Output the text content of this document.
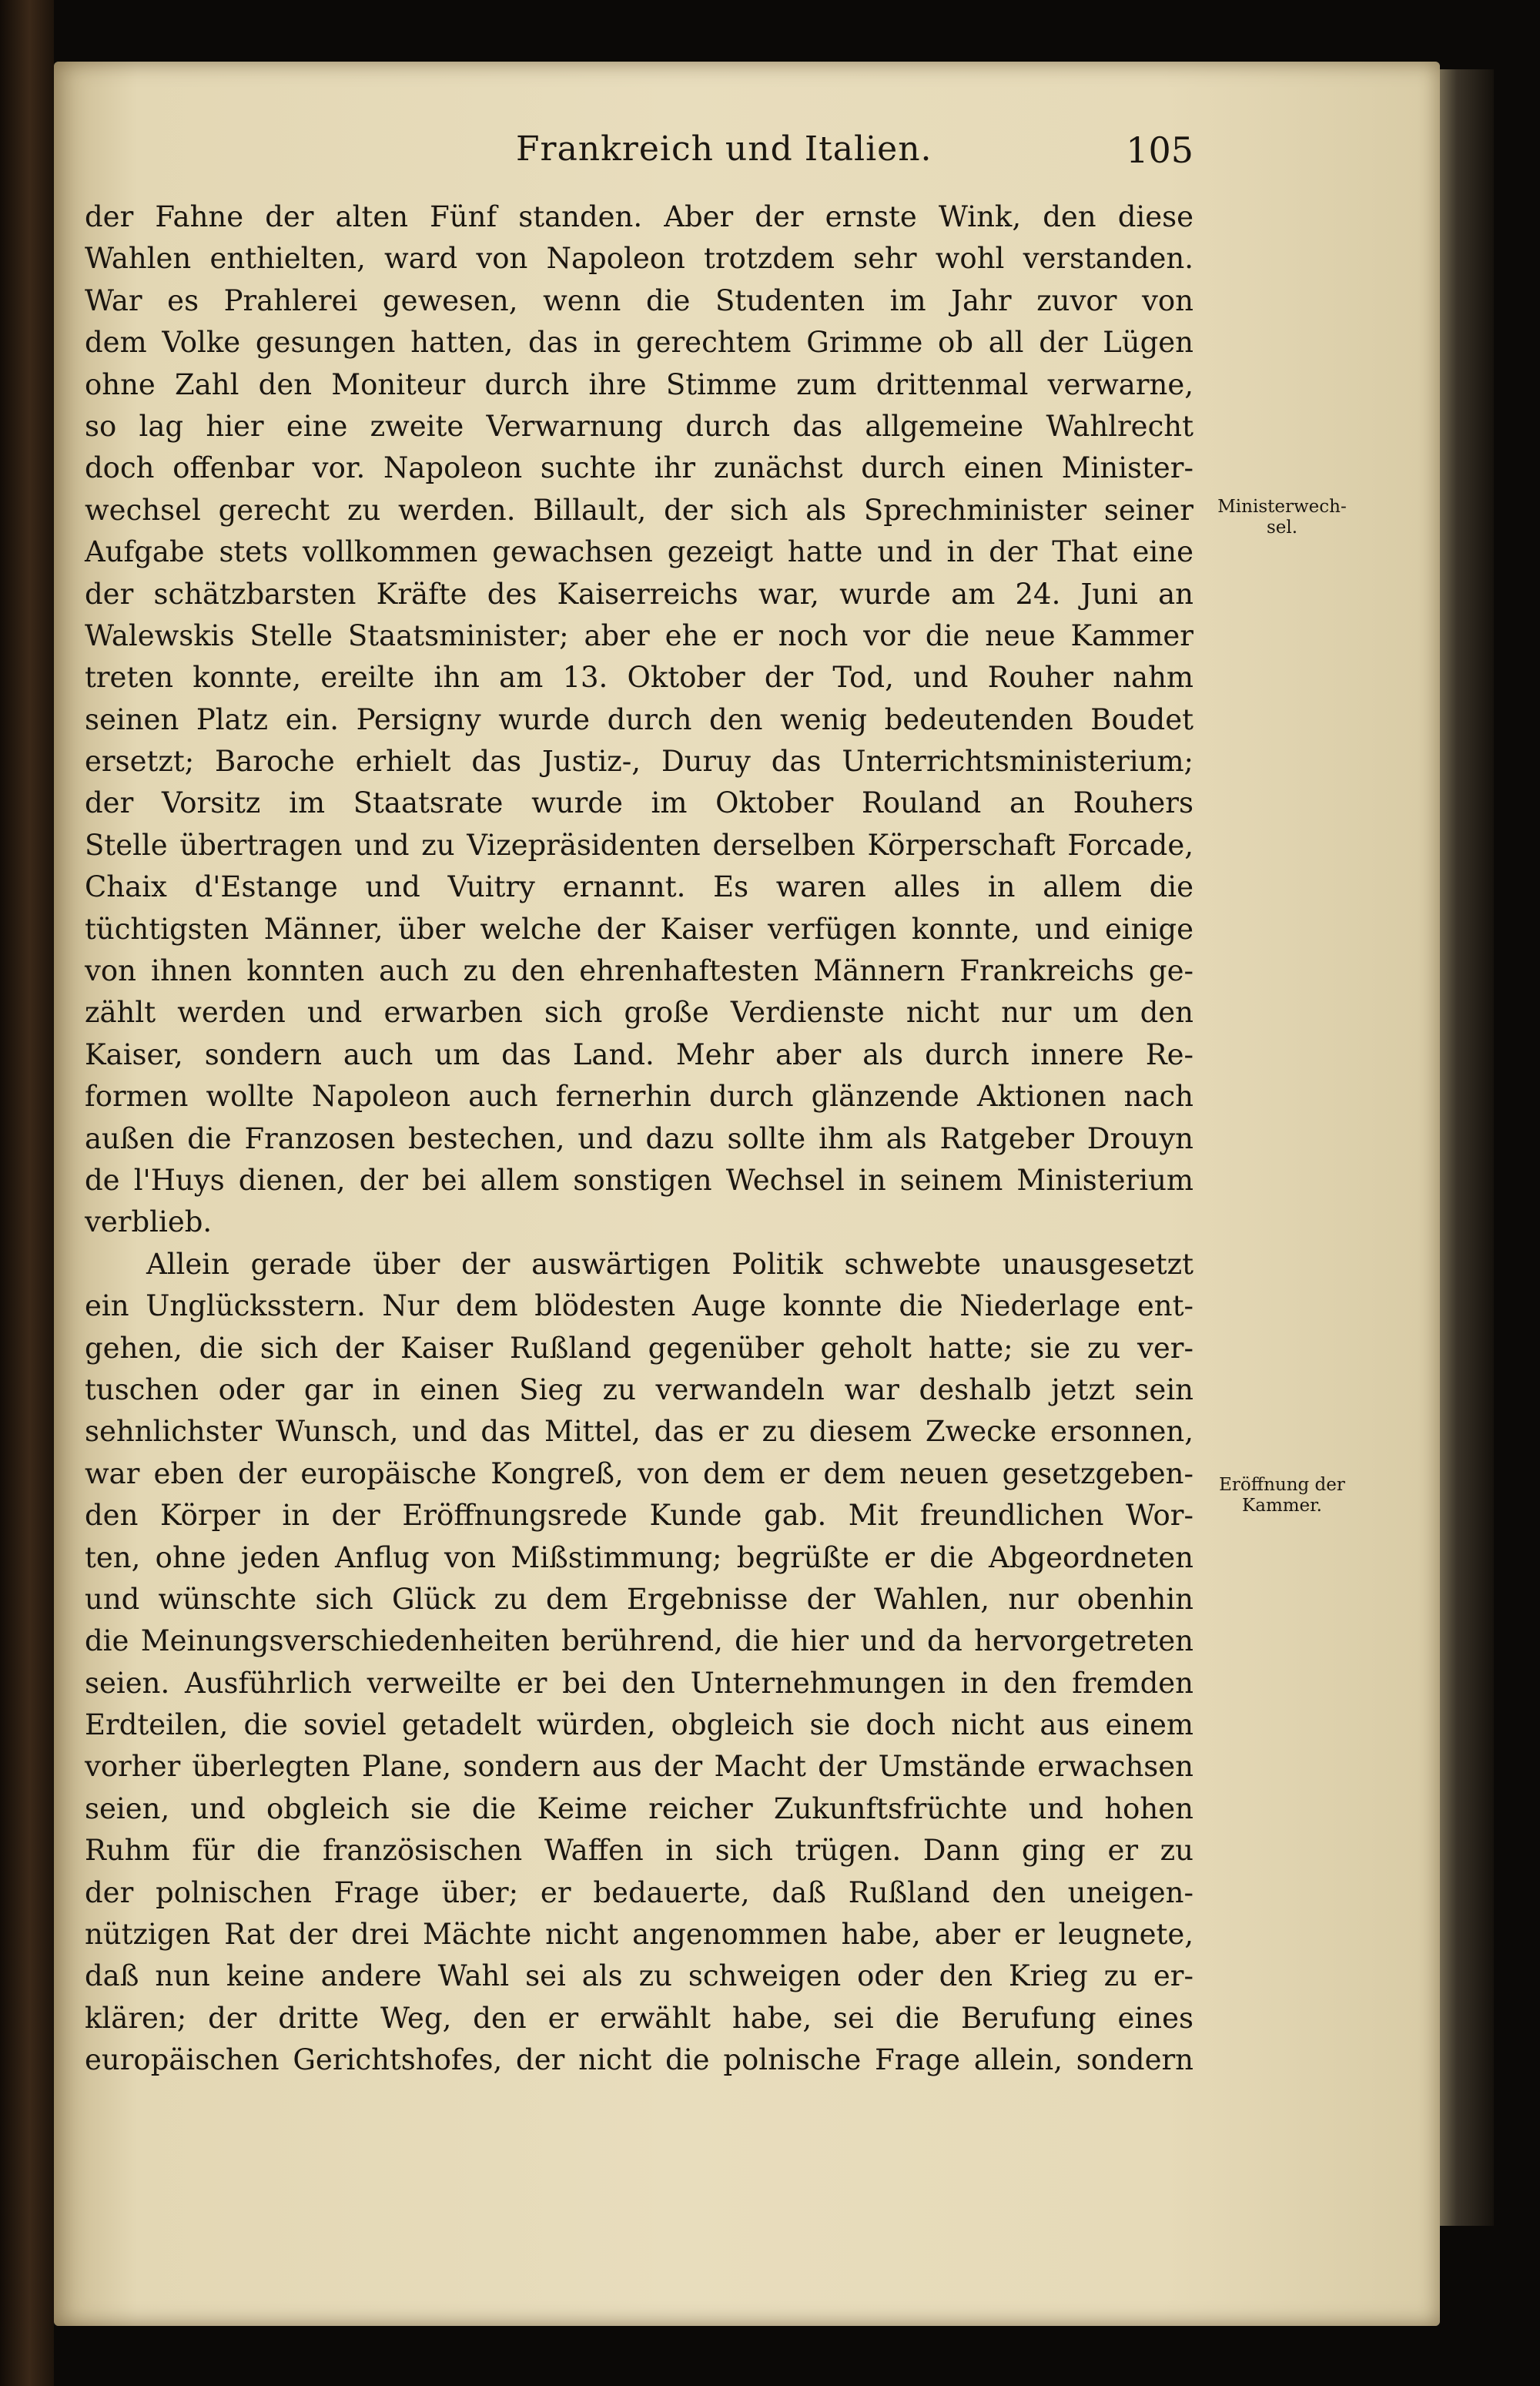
Frankreich und Italien.	105
der Fahne der alten Fünf standen. Aber der ernste Wink, den diese
Wahlen enthielten, ward von Napoleon trotzdem sehr wohl verstanden.
War es Prahlerei gewesen, wenn die Studenten im Jahr zuvor von
dem Volke gesungen hatten, das in gerechtem Grimme ob all der Lügen
ohne Zahl den Moniteur durch ihre Stimme zum drittenmal verwarne,
so lag hier eine zweite Verwarnung durch das allgemeine Wahlrecht
doch offenbar vor. Napoleon suchte ihr zunächst durch einen Minister-
wechsel gerecht zu werden. Billault, der sich als Sprechminister seiner
Aufgabe stets vollkommen gewachsen gezeigt hatte und in der That eine
der schätzbarsten Kräfte des Kaiserreichs war, wurde am 24. Juni an
Walewskis Stelle Staatsminister; aber ehe er noch vor die neue Kammer
treten konnte, ereilte ihn am 13. Oktober der Tod, und Rouher nahm
seinen Platz ein. Persigny wurde durch den wenig bedeutenden Boudet
ersetzt; Baroche erhielt das Justiz-, Duruy das Unterrichtsministerium;
der Vorsitz im Staatsrate wurde im Oktober Rouland an Rouhers
Stelle übertragen und zu Vizepräsidenten derselben Körperschaft Forcade,
Chaix d'Estange und Vuitry ernannt. Es waren alles in allem die
tüchtigsten Männer, über welche der Kaiser verfügen konnte, und einige
von ihnen konnten auch zu den ehrenhaftesten Männern Frankreichs ge-
zählt werden und erwarben sich große Verdienste nicht nur um den
Kaiser, sondern auch um das Land. Mehr aber als durch innere Re-
formen wollte Napoleon auch fernerhin durch glänzende Aktionen nach
außen die Franzosen bestechen, und dazu sollte ihm als Ratgeber Drouyn
de l'Huys dienen, der bei allem sonstigen Wechsel in seinem Ministerium
verblieb.
Allein gerade über der auswärtigen Politik schwebte unausgesetzt
ein Unglücksstern. Nur dem blödesten Auge konnte die Niederlage ent-
gehen, die sich der Kaiser Rußland gegenüber geholt hatte; sie zu ver-
tuschen oder gar in einen Sieg zu verwandeln war deshalb jetzt sein
sehnlichster Wunsch, und das Mittel, das er zu diesem Zwecke ersonnen,
war eben der europäische Kongreß, von dem er dem neuen gesetzgeben-
den Körper in der Eröffnungsrede Kunde gab. Mit freundlichen Wor-
ten, ohne jeden Anflug von Mißstimmung; begrüßte er die Abgeordneten
und wünschte sich Glück zu dem Ergebnisse der Wahlen, nur obenhin
die Meinungsverschiedenheiten berührend, die hier und da hervorgetreten
seien. Ausführlich verweilte er bei den Unternehmungen in den fremden
Erdteilen, die soviel getadelt würden, obgleich sie doch nicht aus einem
vorher überlegten Plane, sondern aus der Macht der Umstände erwachsen
seien, und obgleich sie die Keime reicher Zukunftsfrüchte und hohen
Ruhm für die französischen Waffen in sich trügen. Dann ging er zu
der polnischen Frage über; er bedauerte, daß Rußland den uneigen-
nützigen Rat der drei Mächte nicht angenommen habe, aber er leugnete,
daß nun keine andere Wahl sei als zu schweigen oder den Krieg zu er-
klären; der dritte Weg, den er erwählt habe, sei die Berufung eines
europäischen Gerichtshofes, der nicht die polnische Frage allein, sondern
Ministerwech-
sel.
Eröffnung der
Kammer.
